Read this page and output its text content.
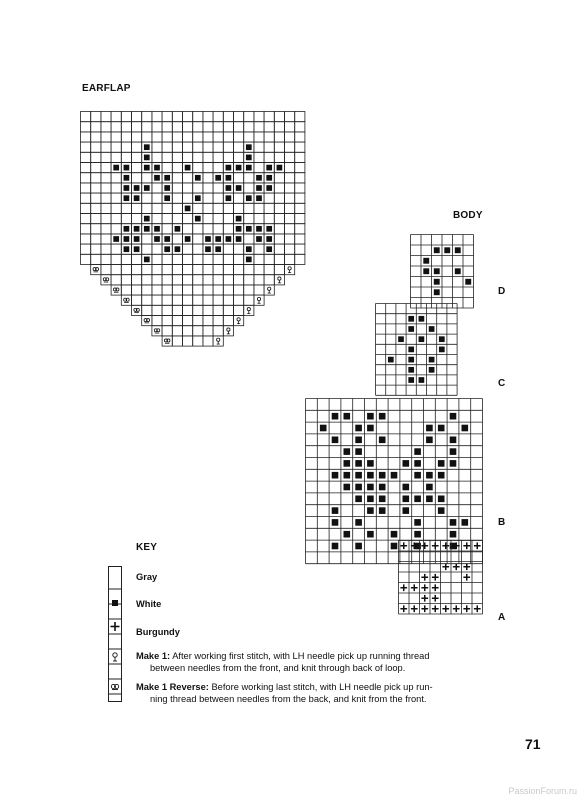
EARFLAP
BODY
D
C
B
A
KEY
Gray
White
Burgundy
Make 1: After working first stitch, with LH needle pick up running thread
between needles from the front, and knit through back of loop.
Make 1 Reverse: Before working last stitch, with LH needle pick up run-
ning thread between needles from the back, and knit from the front.
71
PassionForum.ru
